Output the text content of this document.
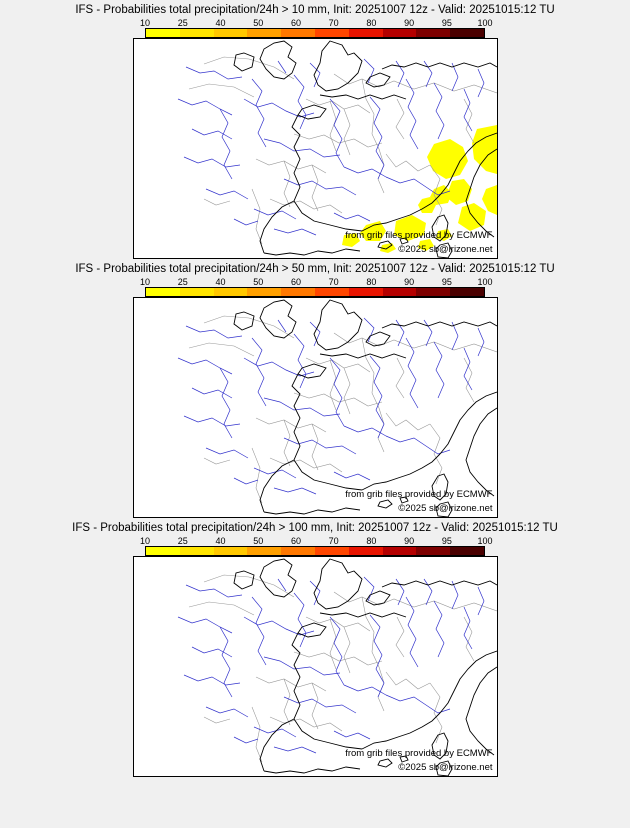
IFS - Probabilities total precipitation/24h > 10 mm, Init: 20251007 12z - Valid: 20251015:12 TU
10	25	40	50	60	70	80	90	95	100
from grib files provided by ECMWF
©2025 sb@irizone.net
IFS - Probabilities total precipitation/24h > 50 mm, Init: 20251007 12z - Valid: 20251015:12 TU
10	25	40	50	60	70	80	90	95	100
from grib files provided by ECMWF
©2025 sb@irizone.net
IFS - Probabilities total precipitation/24h > 100 mm, Init: 20251007 12z - Valid: 20251015:12 TU
10	25	40	50	60	70	80	90	95	100
from grib files provided by ECMWF
©2025 sb@irizone.net
